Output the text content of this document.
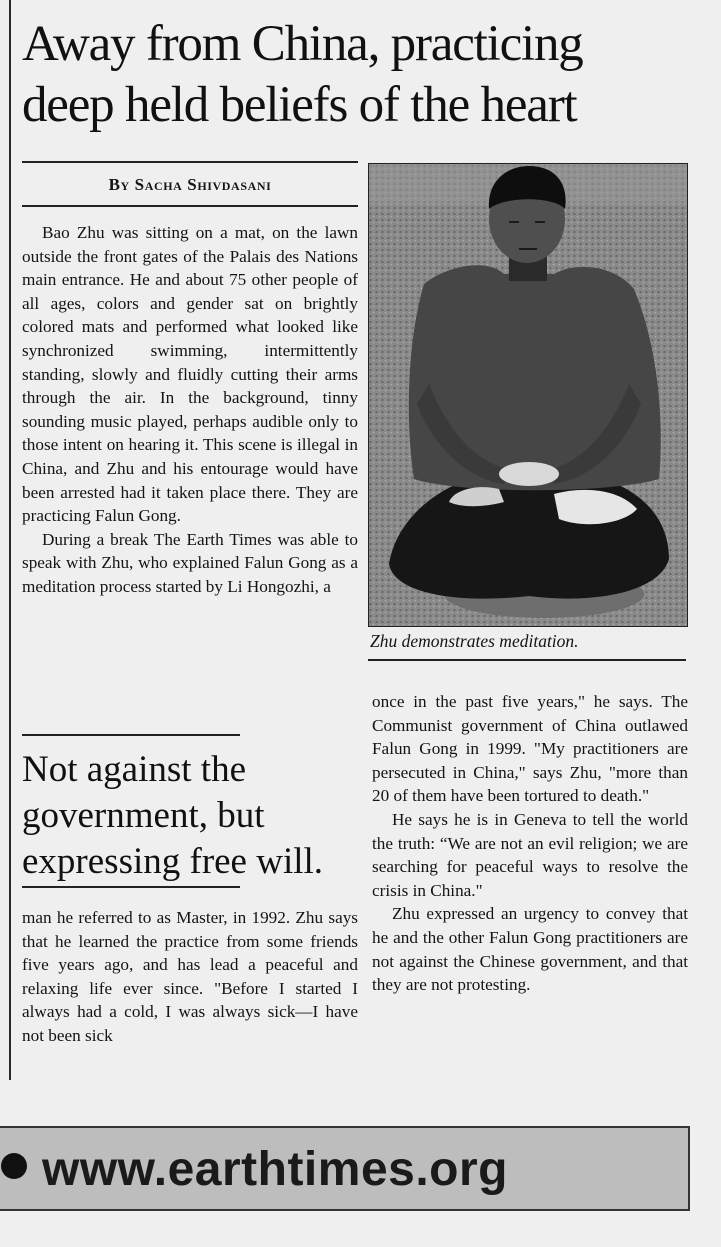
Away from China, practicing
deep held beliefs of the heart
By Sacha Shivdasani

Bao Zhu was sitting on a mat, on the lawn outside the front gates of the Palais des Nations main entrance. He and about 75 other people of all ages, colors and gender sat on brightly colored mats and performed what looked like synchronized swimming, intermittently standing, slowly and fluidly cutting their arms through the air. In the background, tinny sounding music played, perhaps audible only to those intent on hearing it. This scene is illegal in China, and Zhu and his entourage would have been arrested had it taken place there. They are practicing Falun Gong.

During a break The Earth Times was able to speak with Zhu, who explained Falun Gong as a meditation process started by Li Hongozhi, a

Not against the government, but expressing free will.

man he referred to as Master, in 1992. Zhu says that he learned the practice from some friends five years ago, and has lead a peaceful and relaxing life ever since. "Before I started I always had a cold, I was always sick—I have not been sick

Zhu demonstrates meditation.

once in the past five years," he says. The Communist government of China outlawed Falun Gong in 1999. "My practitioners are persecuted in China," says Zhu, "more than 20 of them have been tortured to death."

He says he is in Geneva to tell the world the truth: “We are not an evil religion; we are searching for peaceful ways to resolve the crisis in China."

Zhu expressed an urgency to convey that he and the other Falun Gong practitioners are not against the Chinese government, and that they are not protesting.

www.earthtimes.org
